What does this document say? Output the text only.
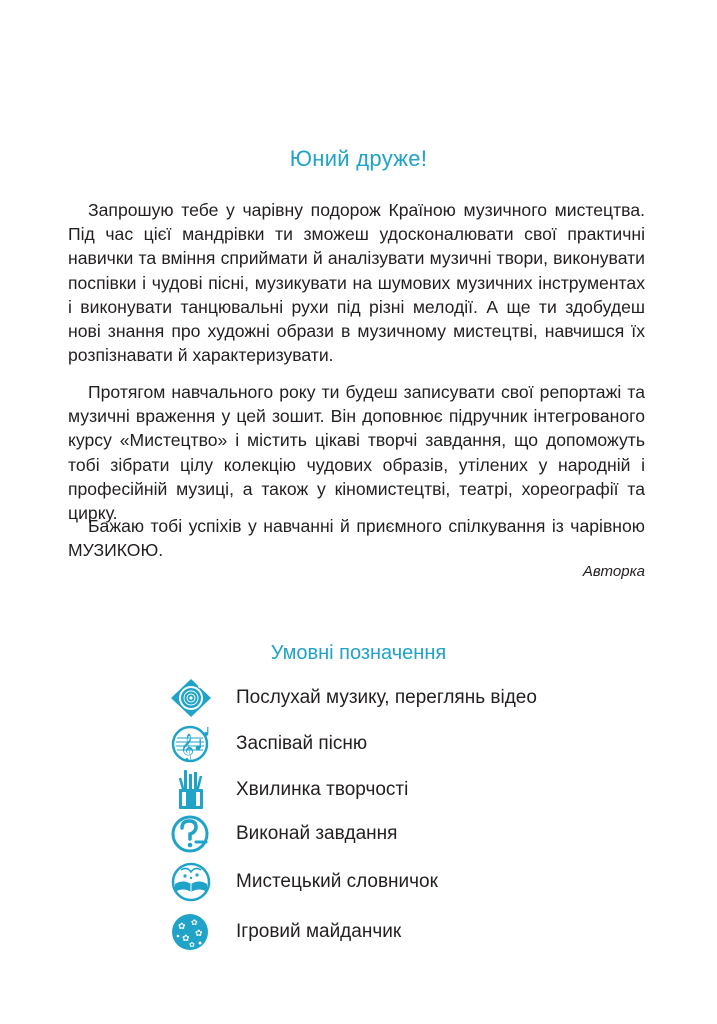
Юний друже!

Запрошую тебе у чарівну подорож Країною музичного мистецтва. Під час цієї мандрівки ти зможеш удосконалювати свої практичні навички та вміння сприймати й аналізувати музичні твори, виконувати поспівки і чудові пісні, музикувати на шумових музичних інструментах і виконувати танцювальні рухи під різні мелодії. А ще ти здобудеш нові знання про художні образи в музичному мистецтві, навчишся їх розпізнавати й характеризувати.

Протягом навчального року ти будеш записувати свої репортажі та музичні враження у цей зошит. Він доповнює підручник інтегрованого курсу «Мистецтво» і містить цікаві творчі завдання, що допоможуть тобі зібрати цілу колекцію чудових образів, утілених у народній і професійній музиці, а також у кіномистецтві, театрі, хореографії та цирку.

Бажаю тобі успіхів у навчанні й приємного спілкування із чарівною МУЗИКОЮ.

Авторка
Умовні позначення
Послухай музику, переглянь відео
𝄞 Заспівай пісню
Хвилинка творчості
Виконай завдання
Мистецький словничок
✿ ✿
✿
✿
✿
Ігровий майданчик
